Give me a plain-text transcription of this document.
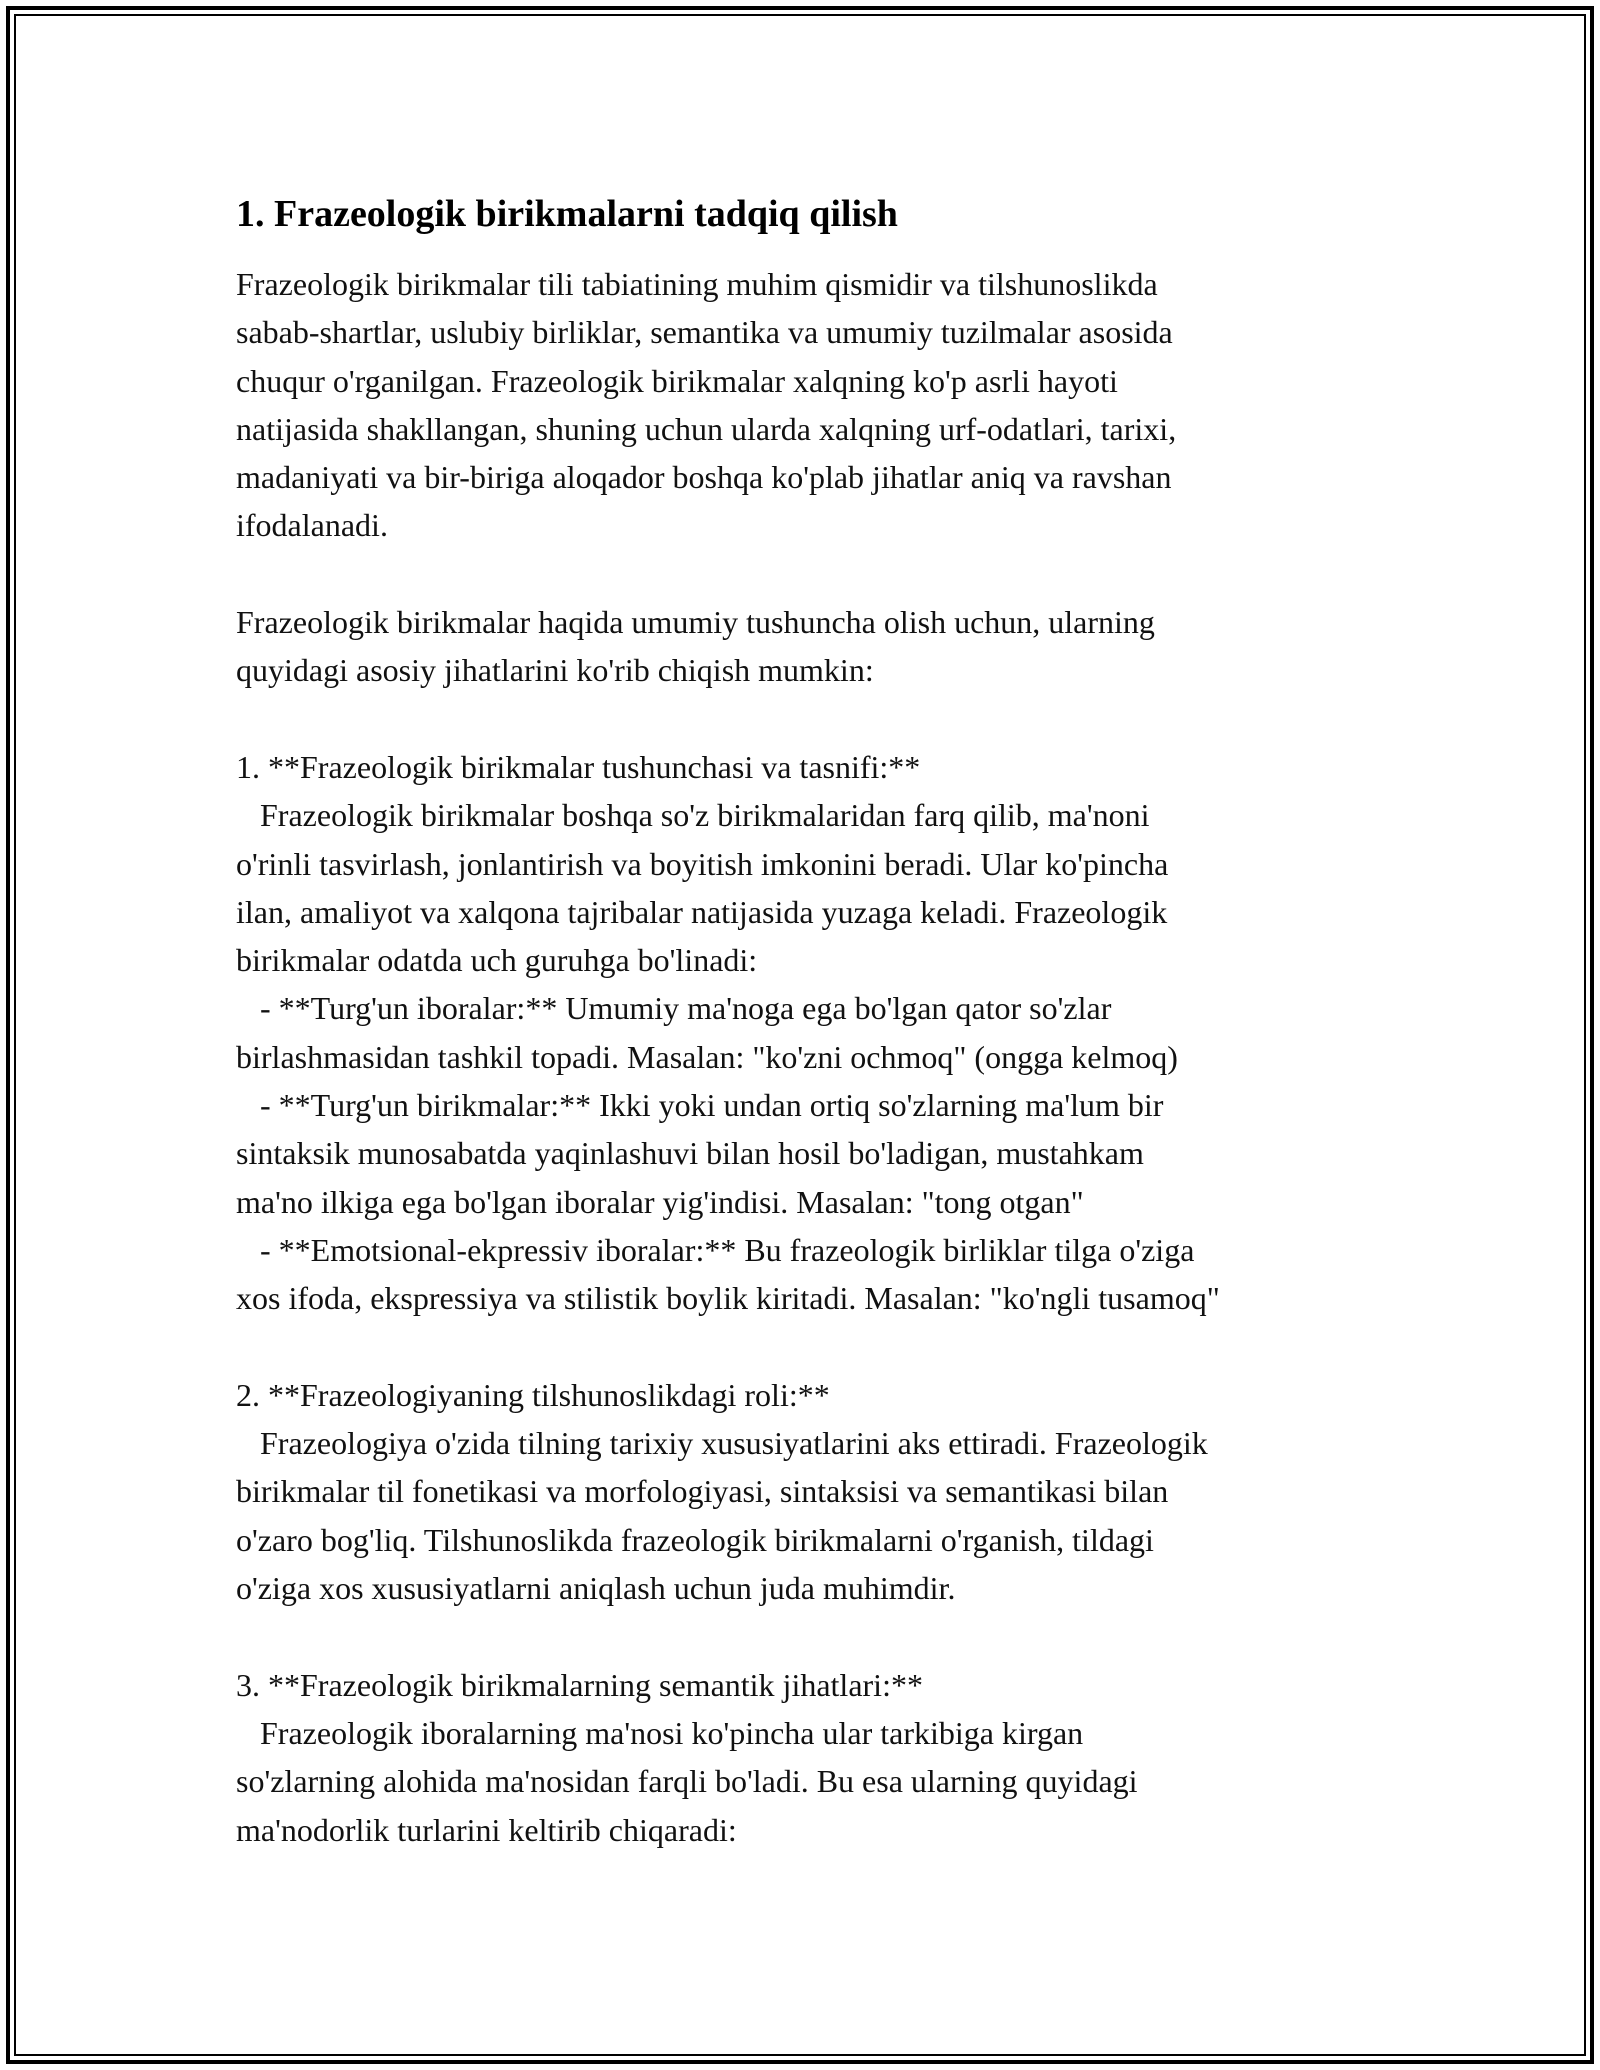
1. Frazeologik birikmalarni tadqiq qilish
Frazeologik birikmalar tili tabiatining muhim qismidir va tilshunoslikda
sabab-shartlar, uslubiy birliklar, semantika va umumiy tuzilmalar asosida
chuqur o'rganilgan. Frazeologik birikmalar xalqning ko'p asrli hayoti
natijasida shakllangan, shuning uchun ularda xalqning urf-odatlari, tarixi,
madaniyati va bir-biriga aloqador boshqa ko'plab jihatlar aniq va ravshan
ifodalanadi.
Frazeologik birikmalar haqida umumiy tushuncha olish uchun, ularning
quyidagi asosiy jihatlarini ko'rib chiqish mumkin:
1. **Frazeologik birikmalar tushunchasi va tasnifi:**
Frazeologik birikmalar boshqa so'z birikmalaridan farq qilib, ma'noni
o'rinli tasvirlash, jonlantirish va boyitish imkonini beradi. Ular ko'pincha
ilan, amaliyot va xalqona tajribalar natijasida yuzaga keladi. Frazeologik
birikmalar odatda uch guruhga bo'linadi:
- **Turg'un iboralar:** Umumiy ma'noga ega bo'lgan qator so'zlar
birlashmasidan tashkil topadi. Masalan: "ko'zni ochmoq" (ongga kelmoq)
- **Turg'un birikmalar:** Ikki yoki undan ortiq so'zlarning ma'lum bir
sintaksik munosabatda yaqinlashuvi bilan hosil bo'ladigan, mustahkam
ma'no ilkiga ega bo'lgan iboralar yig'indisi. Masalan: "tong otgan"
- **Emotsional-ekpressiv iboralar:** Bu frazeologik birliklar tilga o'ziga
xos ifoda, ekspressiya va stilistik boylik kiritadi. Masalan: "ko'ngli tusamoq"
2. **Frazeologiyaning tilshunoslikdagi roli:**
Frazeologiya o'zida tilning tarixiy xususiyatlarini aks ettiradi. Frazeologik
birikmalar til fonetikasi va morfologiyasi, sintaksisi va semantikasi bilan
o'zaro bog'liq. Tilshunoslikda frazeologik birikmalarni o'rganish, tildagi
o'ziga xos xususiyatlarni aniqlash uchun juda muhimdir.
3. **Frazeologik birikmalarning semantik jihatlari:**
Frazeologik iboralarning ma'nosi ko'pincha ular tarkibiga kirgan
so'zlarning alohida ma'nosidan farqli bo'ladi. Bu esa ularning quyidagi
ma'nodorlik turlarini keltirib chiqaradi:
